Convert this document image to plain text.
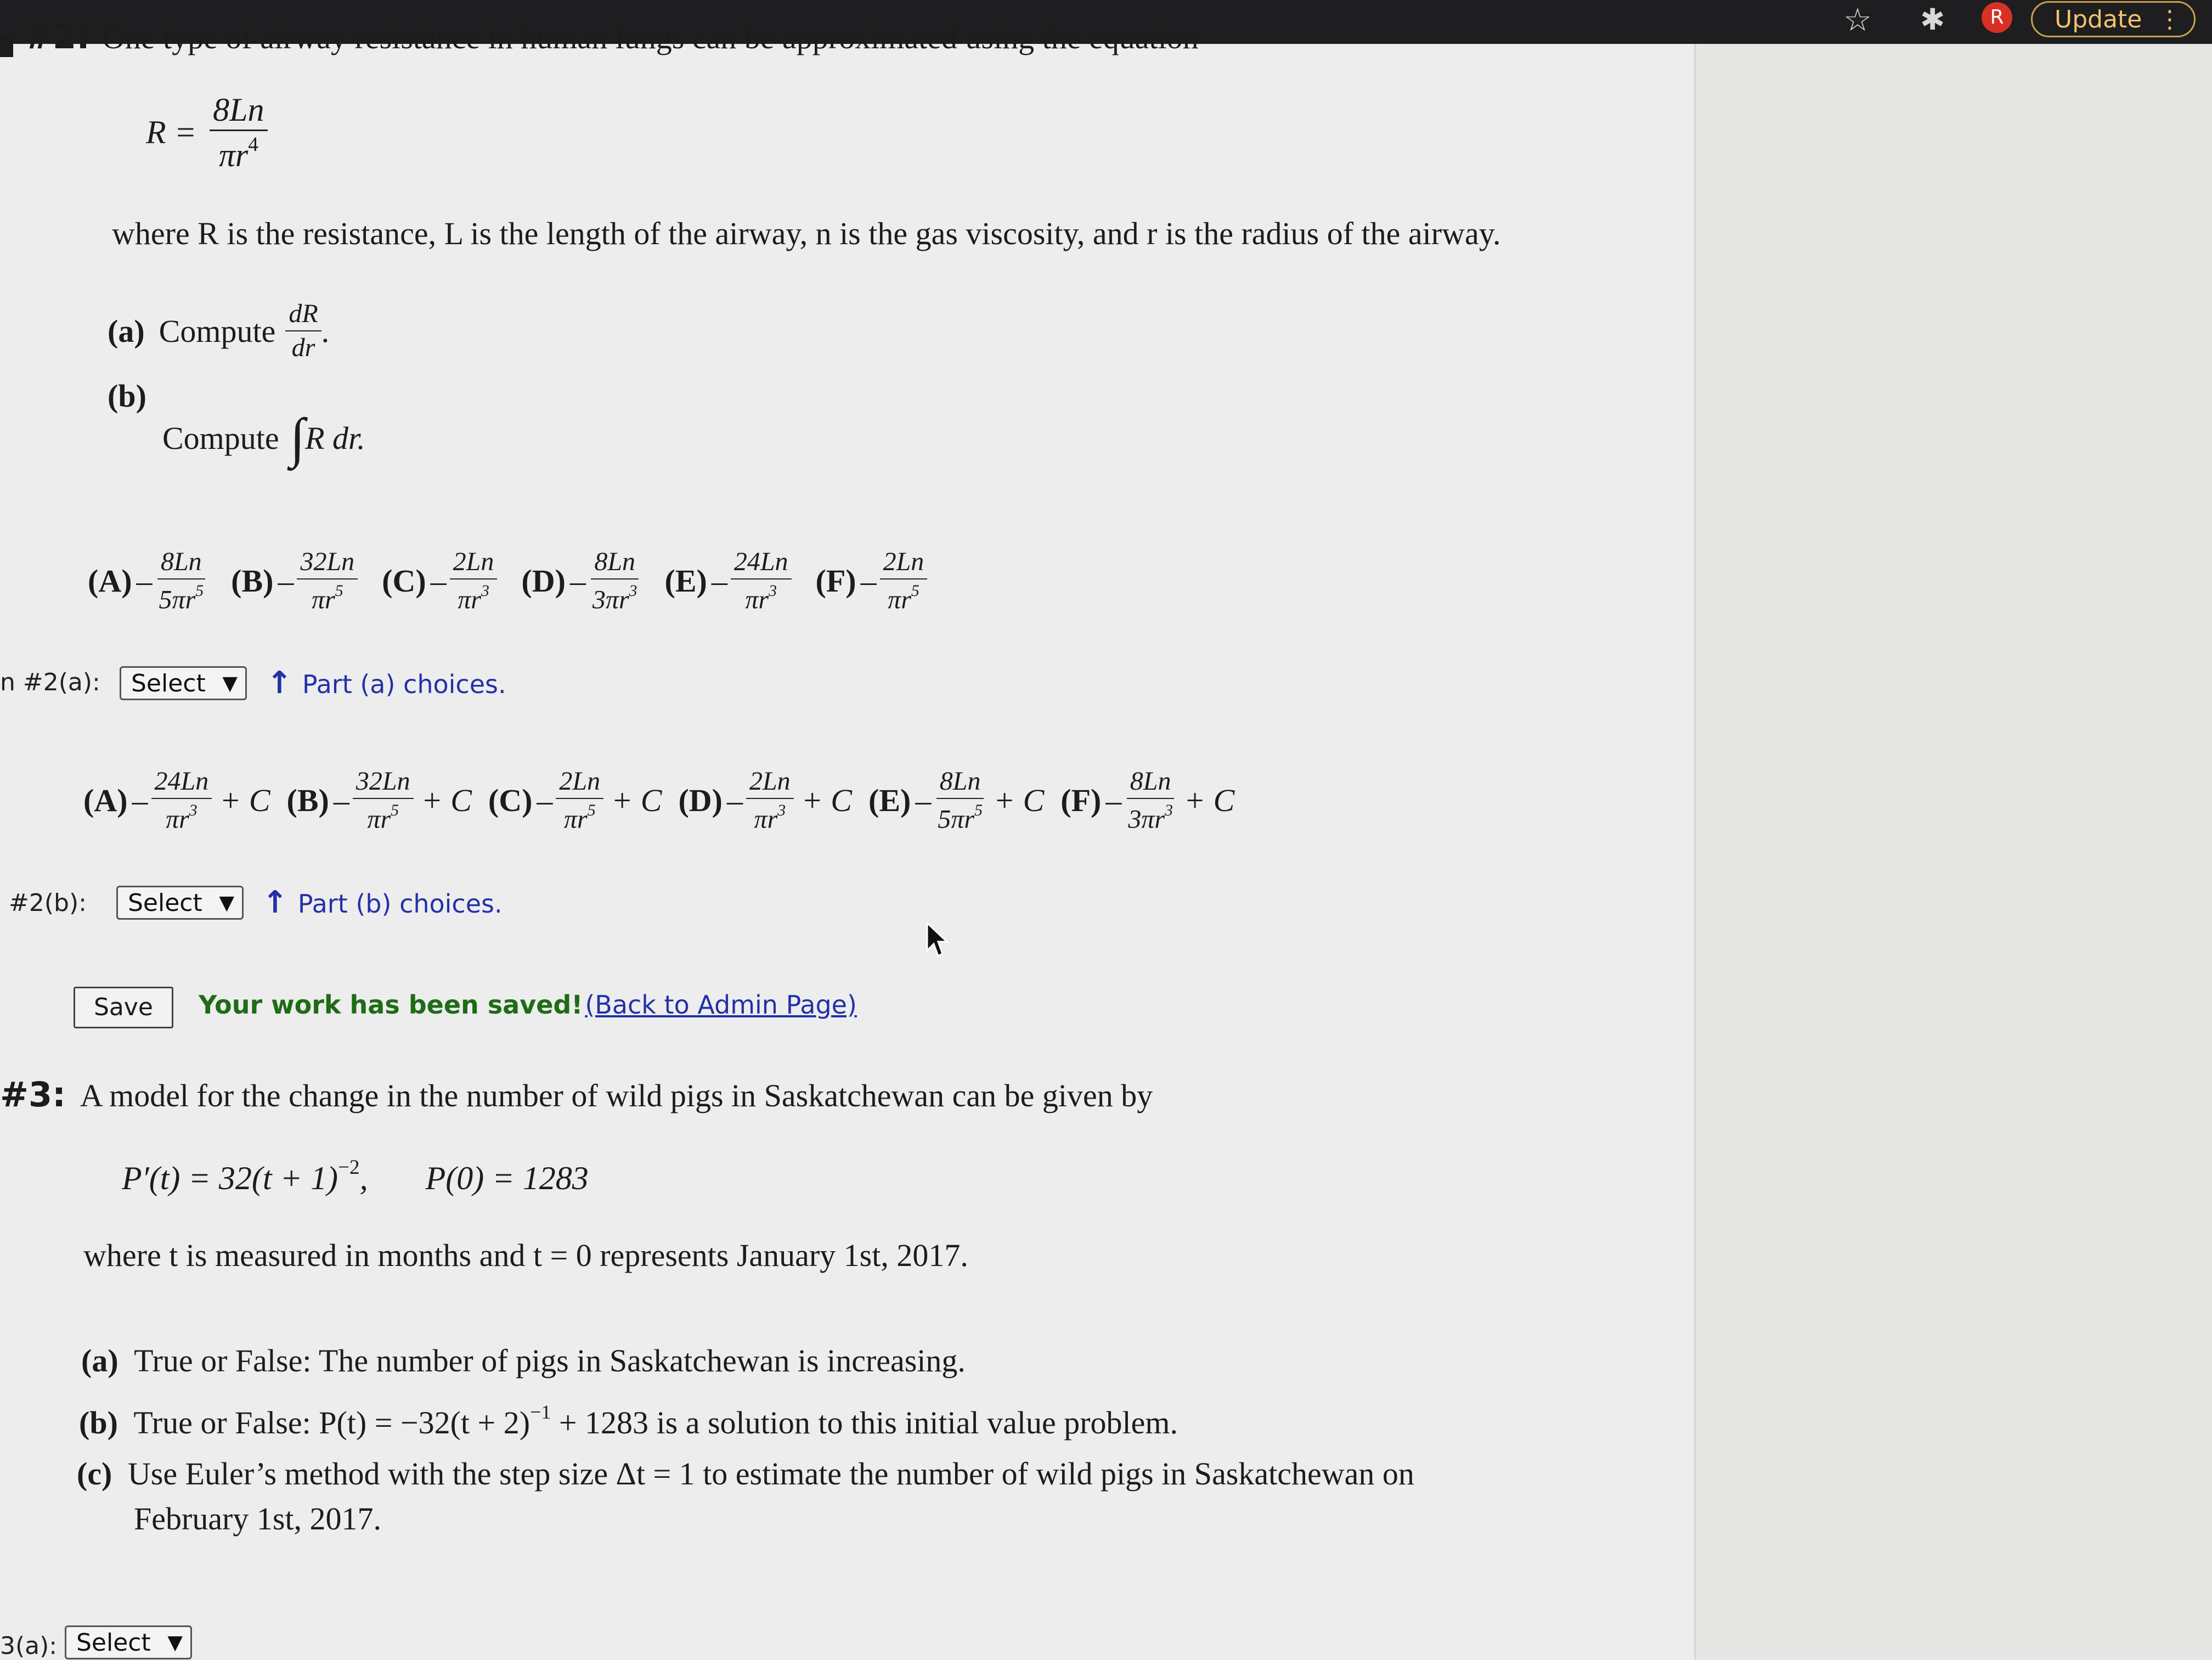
☆ ✱	R	Update ⋮
#2: One type of airway resistance in human lungs can be approximated using the equation
$R = \frac{8Ln}{\pi r^4}$
where R is the resistance, L is the length of the airway, n is the gas viscosity, and r is the radius of the airway.
(a) Compute $\frac{dR}{dr}$ .
(b)
Compute ∫ R dr.
$(A) - \frac{8Ln}{5\pi r^5} (B) - \frac{32Ln}{\pi r^5} (C) - \frac{2Ln}{\pi r^3} (D) - \frac{8Ln}{3\pi r^3} (E) - \frac{24Ln}{\pi r^3} (F) - \frac{2Ln}{\pi r^5}$
n #2(a):	Select ▼ ↑ Part (a) choices.
$(A) - \frac{24Ln}{\pi r^3} + C$ $(B) - \frac{32Ln}{\pi r^5} + C$ $(C) - \frac{2Ln}{\pi r^5} + C$ $(D) - \frac{2Ln}{\pi r^3} + C$ $(E) - \frac{8Ln}{5\pi r^5} + C$ $(F) - \frac{8Ln}{3\pi r^3} + C$
#2(b):	Select ▼ ↑ Part (b) choices.
Save	Your work has been saved! (Back to Admin Page)
#3: A model for the change in the number of wild pigs in Saskatchewan can be given by
$P'(t) = 32(t + 1)^{-2}$, P(0) = 1283
where t is measured in months and t = 0 represents January 1st, 2017.
(a) True or False: The number of pigs in Saskatchewan is increasing.
(b) True or False: $P(t) = -32(t + 2)^{-1} + 1283$ is a solution to this initial value problem.
(c) Use Euler’s method with the step size Δt = 1 to estimate the number of wild pigs in Saskatchewan on
February 1st, 2017.
3(a): Select ▼
